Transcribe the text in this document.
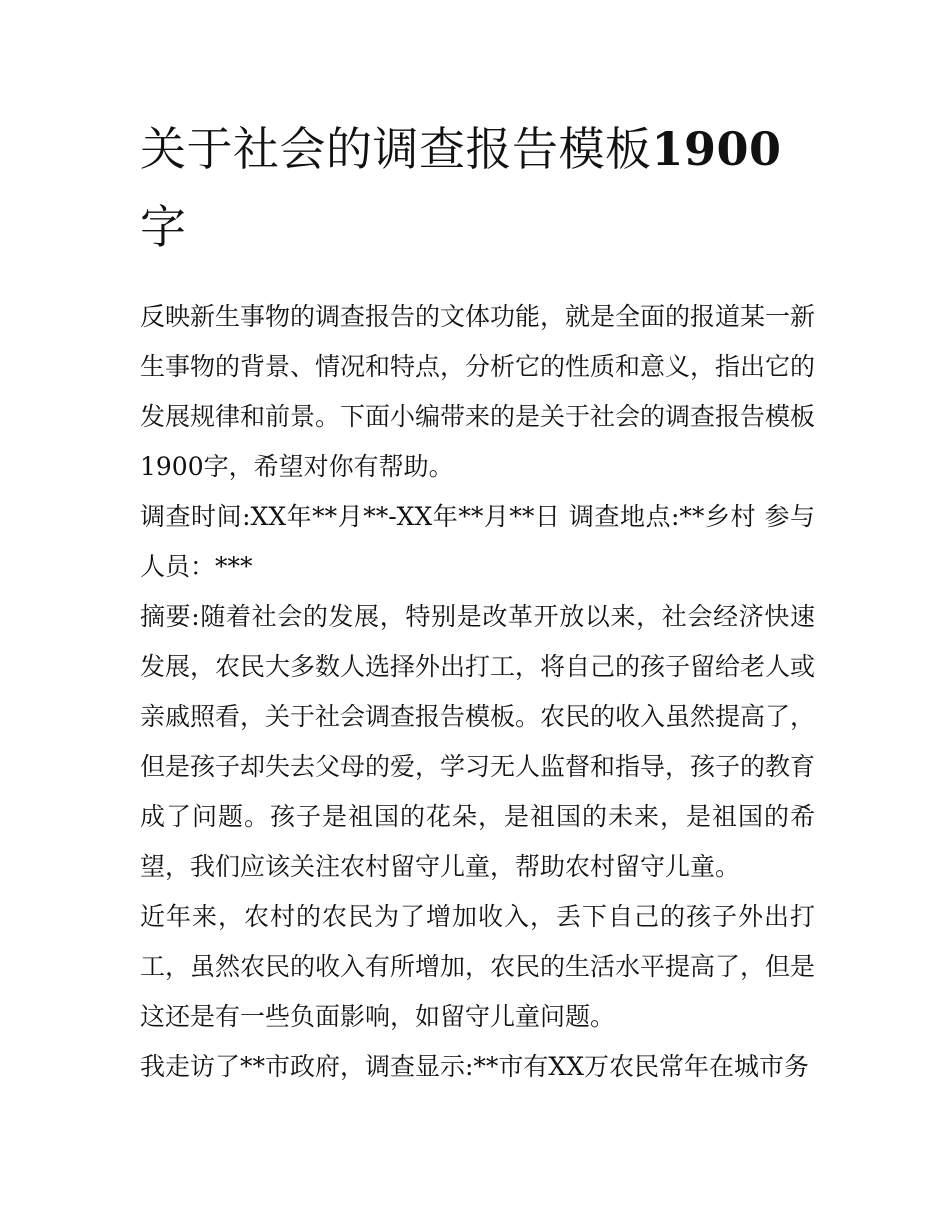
关于社会的调查报告模板1900字

反映新生事物的调查报告的文体功能，就是全面的报道某一新生事物的背景、情况和特点，分析它的性质和意义，指出它的发展规律和前景。下面小编带来的是关于社会的调查报告模板1900字，希望对你有帮助。

调查时间:XX年**月**-XX年**月**日 调查地点:**乡村 参与人员：***

摘要:随着社会的发展，特别是改革开放以来，社会经济快速发展，农民大多数人选择外出打工，将自己的孩子留给老人或亲戚照看，关于社会调查报告模板。农民的收入虽然提高了，但是孩子却失去父母的爱，学习无人监督和指导，孩子的教育成了问题。孩子是祖国的花朵，是祖国的未来，是祖国的希望，我们应该关注农村留守儿童，帮助农村留守儿童。

近年来，农村的农民为了增加收入，丢下自己的孩子外出打工，虽然农民的收入有所增加，农民的生活水平提高了，但是这还是有一些负面影响，如留守儿童问题。

我走访了**市政府，调查显示:**市有XX万农民常年在城市务
